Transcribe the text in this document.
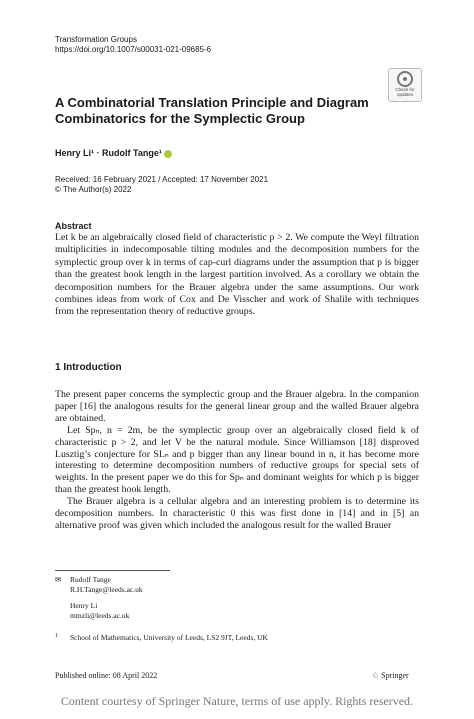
Transformation Groups
https://doi.org/10.1007/s00031-021-09685-6
Check for
updates
A Combinatorial Translation Principle and Diagram Combinatorics for the Symplectic Group
Henry Li¹ · Rudolf Tange¹
Received: 16 February 2021 / Accepted: 17 November 2021
© The Author(s) 2022
Abstract
Let k be an algebraically closed field of characteristic p > 2. We compute the Weyl filtration multiplicities in indecomposable tilting modules and the decomposition numbers for the symplectic group over k in terms of cap-curl diagrams under the assumption that p is bigger than the greatest hook length in the largest partition involved. As a corollary we obtain the decomposition numbers for the Brauer algebra under the same assumptions. Our work combines ideas from work of Cox and De Visscher and work of Shalile with techniques from the representation theory of reductive groups.
1 Introduction

The present paper concerns the symplectic group and the Brauer algebra. In the companion paper [16] the analogous results for the general linear group and the walled Brauer algebra are obtained.

Let Spₙ, n = 2m, be the symplectic group over an algebraically closed field k of characteristic p > 2, and let V be the natural module. Since Williamson [18] disproved Lusztig’s conjecture for SLₙ and p bigger than any linear bound in n, it has become more interesting to determine decomposition numbers of reductive groups for special sets of weights. In the present paper we do this for Spₙ and dominant weights for which p is bigger than the greatest hook length.

The Brauer algebra is a cellular algebra and an interesting problem is to determine its decomposition numbers. In characteristic 0 this was first done in [14] and in [5] an alternative proof was given which included the analogous result for the walled Brauer

✉ Rudolf Tange
R.H.Tange@leeds.ac.uk
Henry Li
mmzli@leeds.ac.uk
1 School of Mathematics, University of Leeds, LS2 9JT, Leeds, UK
Published online: 08 April 2022	♘ Springer
Content courtesy of Springer Nature, terms of use apply. Rights reserved.
